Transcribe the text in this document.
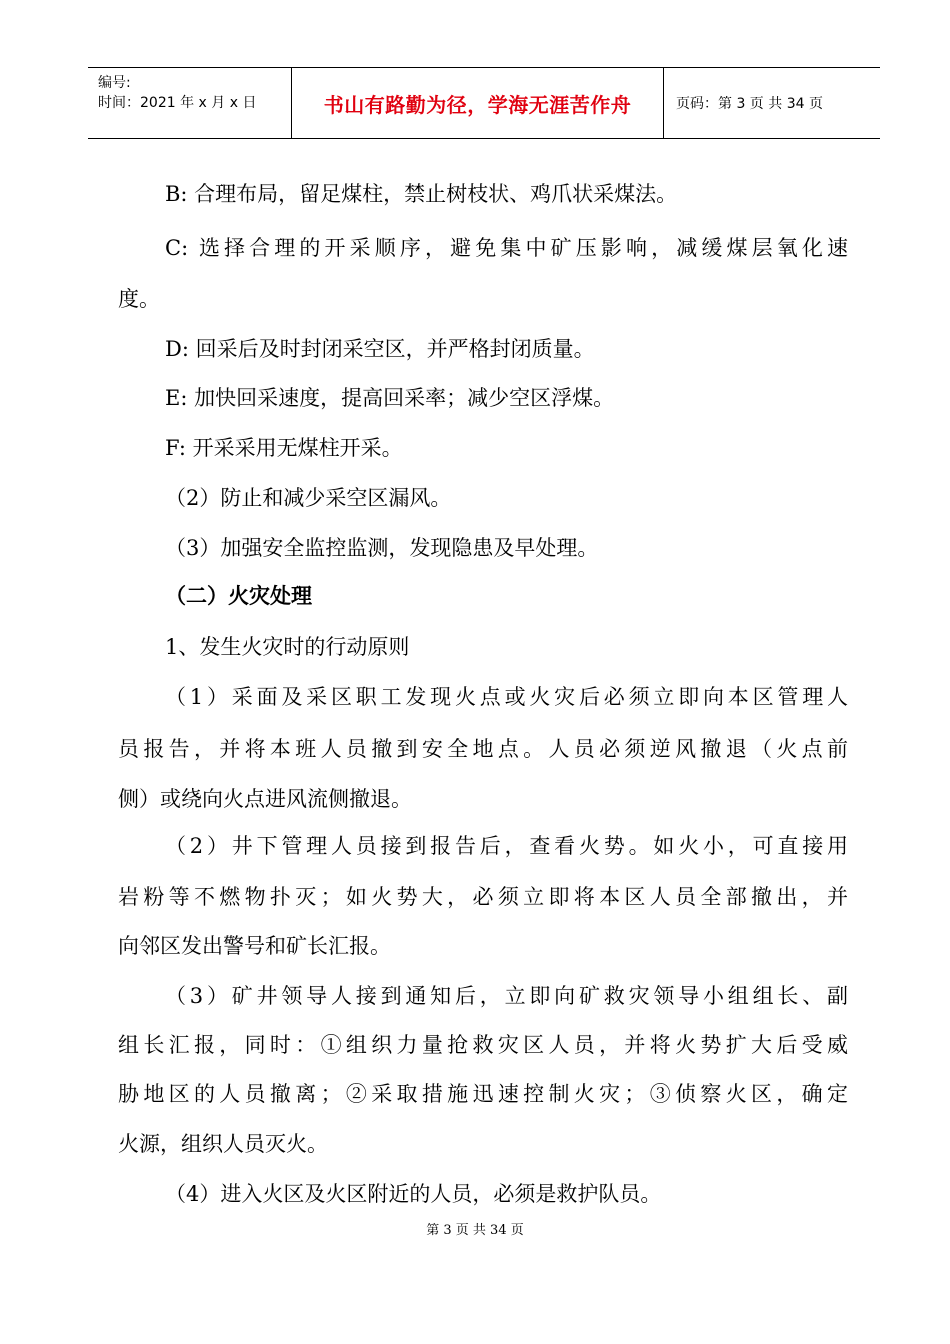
编号:
时间：2021 年 x 月 x 日	书山有路勤为径，学海无涯苦作舟	页码：第 3 页 共 34 页
B: 合理布局，留足煤柱，禁止树枝状、鸡爪状采煤法。
C: 选择合理的开采顺序，避免集中矿压影响，减缓煤层氧化速
度。
D: 回采后及时封闭采空区，并严格封闭质量。
E: 加快回采速度，提高回采率；减少空区浮煤。
F: 开采采用无煤柱开采。
（2）防止和减少采空区漏风。
（3）加强安全监控监测，发现隐患及早处理。
（二）火灾处理
1、发生火灾时的行动原则
（1）采面及采区职工发现火点或火灾后必须立即向本区管理人
员报告，并将本班人员撤到安全地点。人员必须逆风撤退（火点前
侧）或绕向火点进风流侧撤退。
（2）井下管理人员接到报告后，查看火势。如火小，可直接用
岩粉等不燃物扑灭；如火势大，必须立即将本区人员全部撤出，并
向邻区发出警号和矿长汇报。
（3）矿井领导人接到通知后，立即向矿救灾领导小组组长、副
组长汇报，同时：①组织力量抢救灾区人员，并将火势扩大后受威
胁地区的人员撤离；②采取措施迅速控制火灾；③侦察火区，确定
火源，组织人员灭火。
（4）进入火区及火区附近的人员，必须是救护队员。
第 3 页 共 34 页
